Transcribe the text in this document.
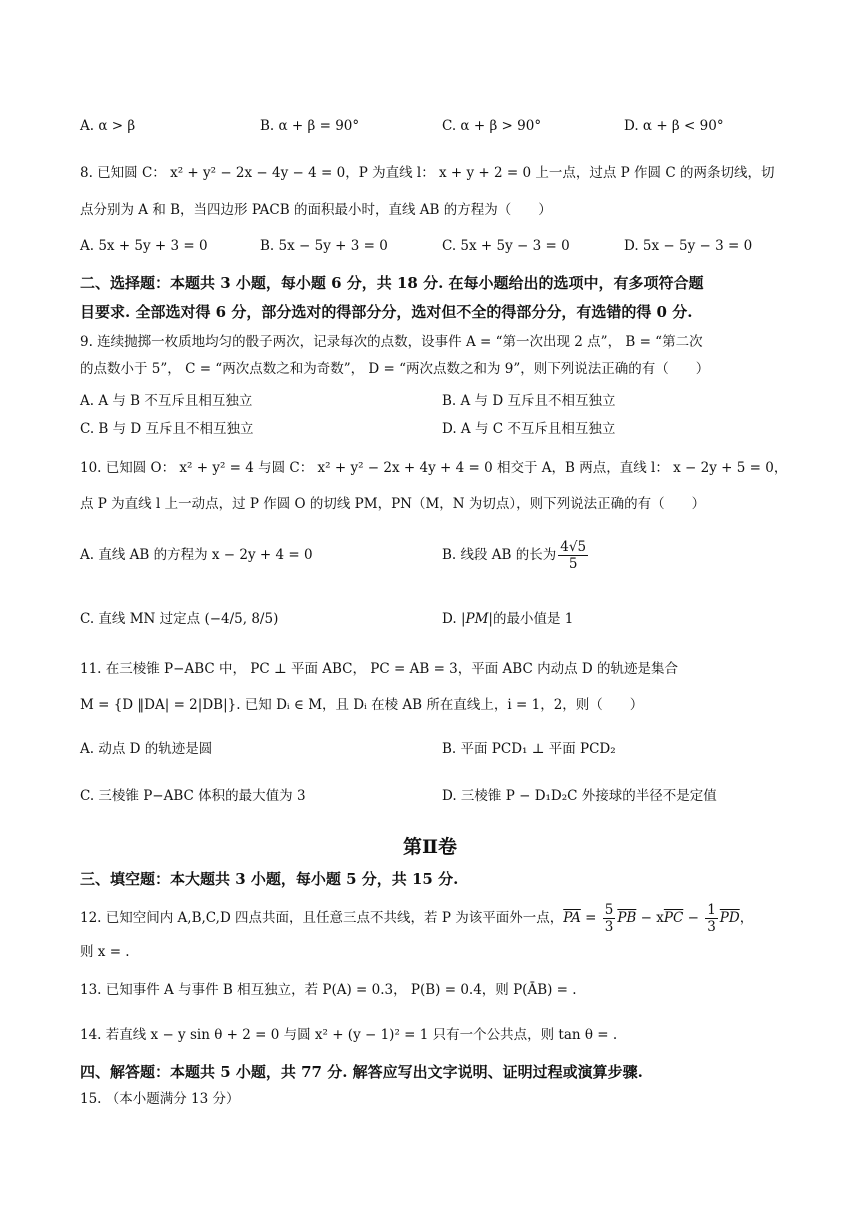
A. α > β	B. α + β = 90°	C. α + β > 90°	D. α + β < 90°
8. 已知圆 C： x² + y² − 2x − 4y − 4 = 0，P 为直线 l： x + y + 2 = 0 上一点，过点 P 作圆 C 的两条切线，切
点分别为 A 和 B，当四边形 PACB 的面积最小时，直线 AB 的方程为（　　）
A. 5x + 5y + 3 = 0	B. 5x − 5y + 3 = 0	C. 5x + 5y − 3 = 0	D. 5x − 5y − 3 = 0
二、选择题：本题共 3 小题，每小题 6 分，共 18 分. 在每小题给出的选项中，有多项符合题
目要求. 全部选对得 6 分，部分选对的得部分分，选对但不全的得部分分，有选错的得 0 分.
9. 连续抛掷一枚质地均匀的骰子两次，记录每次的点数，设事件 A = “第一次出现 2 点”， B = “第二次
的点数小于 5”， C = “两次点数之和为奇数”， D = “两次点数之和为 9”，则下列说法正确的有（　　）
A. A 与 B 不互斥且相互独立	B. A 与 D 互斥且不相互独立
C. B 与 D 互斥且不相互独立	D. A 与 C 不互斥且相互独立
10. 已知圆 O： x² + y² = 4 与圆 C： x² + y² − 2x + 4y + 4 = 0 相交于 A，B 两点，直线 l： x − 2y + 5 = 0，
点 P 为直线 l 上一动点，过 P 作圆 O 的切线 PM，PN（M，N 为切点），则下列说法正确的有（　　）
A. 直线 AB 的方程为 x − 2y + 4 = 0	B. 线段 AB 的长为 $\frac{4√5}{5}$
C. 直线 MN 过定点 (−4/5, 8/5)	D. |PM|的最小值是 1
11. 在三棱锥 P−ABC 中， PC ⊥ 平面 ABC， PC = AB = 3，平面 ABC 内动点 D 的轨迹是集合
M = {D ‖DA| = 2|DB|}. 已知 Dᵢ ∈ M，且 Dᵢ 在棱 AB 所在直线上，i = 1，2，则（　　）
A. 动点 D 的轨迹是圆	B. 平面 PCD₁ ⊥ 平面 PCD₂
C. 三棱锥 P−ABC 体积的最大值为 3	D. 三棱锥 P − D₁D₂C 外接球的半径不是定值
第Ⅱ卷
三、填空题：本大题共 3 小题，每小题 5 分，共 15 分.
12. 已知空间内 A,B,C,D 四点共面，且任意三点不共线，若 P 为该平面外一点，$\overline{PA} = \frac{5}{3} \overline{PB} - x\overline{PC} - \frac{1}{3} \overline{PD}$，
则 x = .
13. 已知事件 A 与事件 B 相互独立，若 P(A) = 0.3， P(B) = 0.4，则 P(ĀB) = .
14. 若直线 x − y sin θ + 2 = 0 与圆 x² + (y − 1)² = 1 只有一个公共点，则 tan θ = .
四、解答题：本题共 5 小题，共 77 分. 解答应写出文字说明、证明过程或演算步骤.
15. （本小题满分 13 分）
